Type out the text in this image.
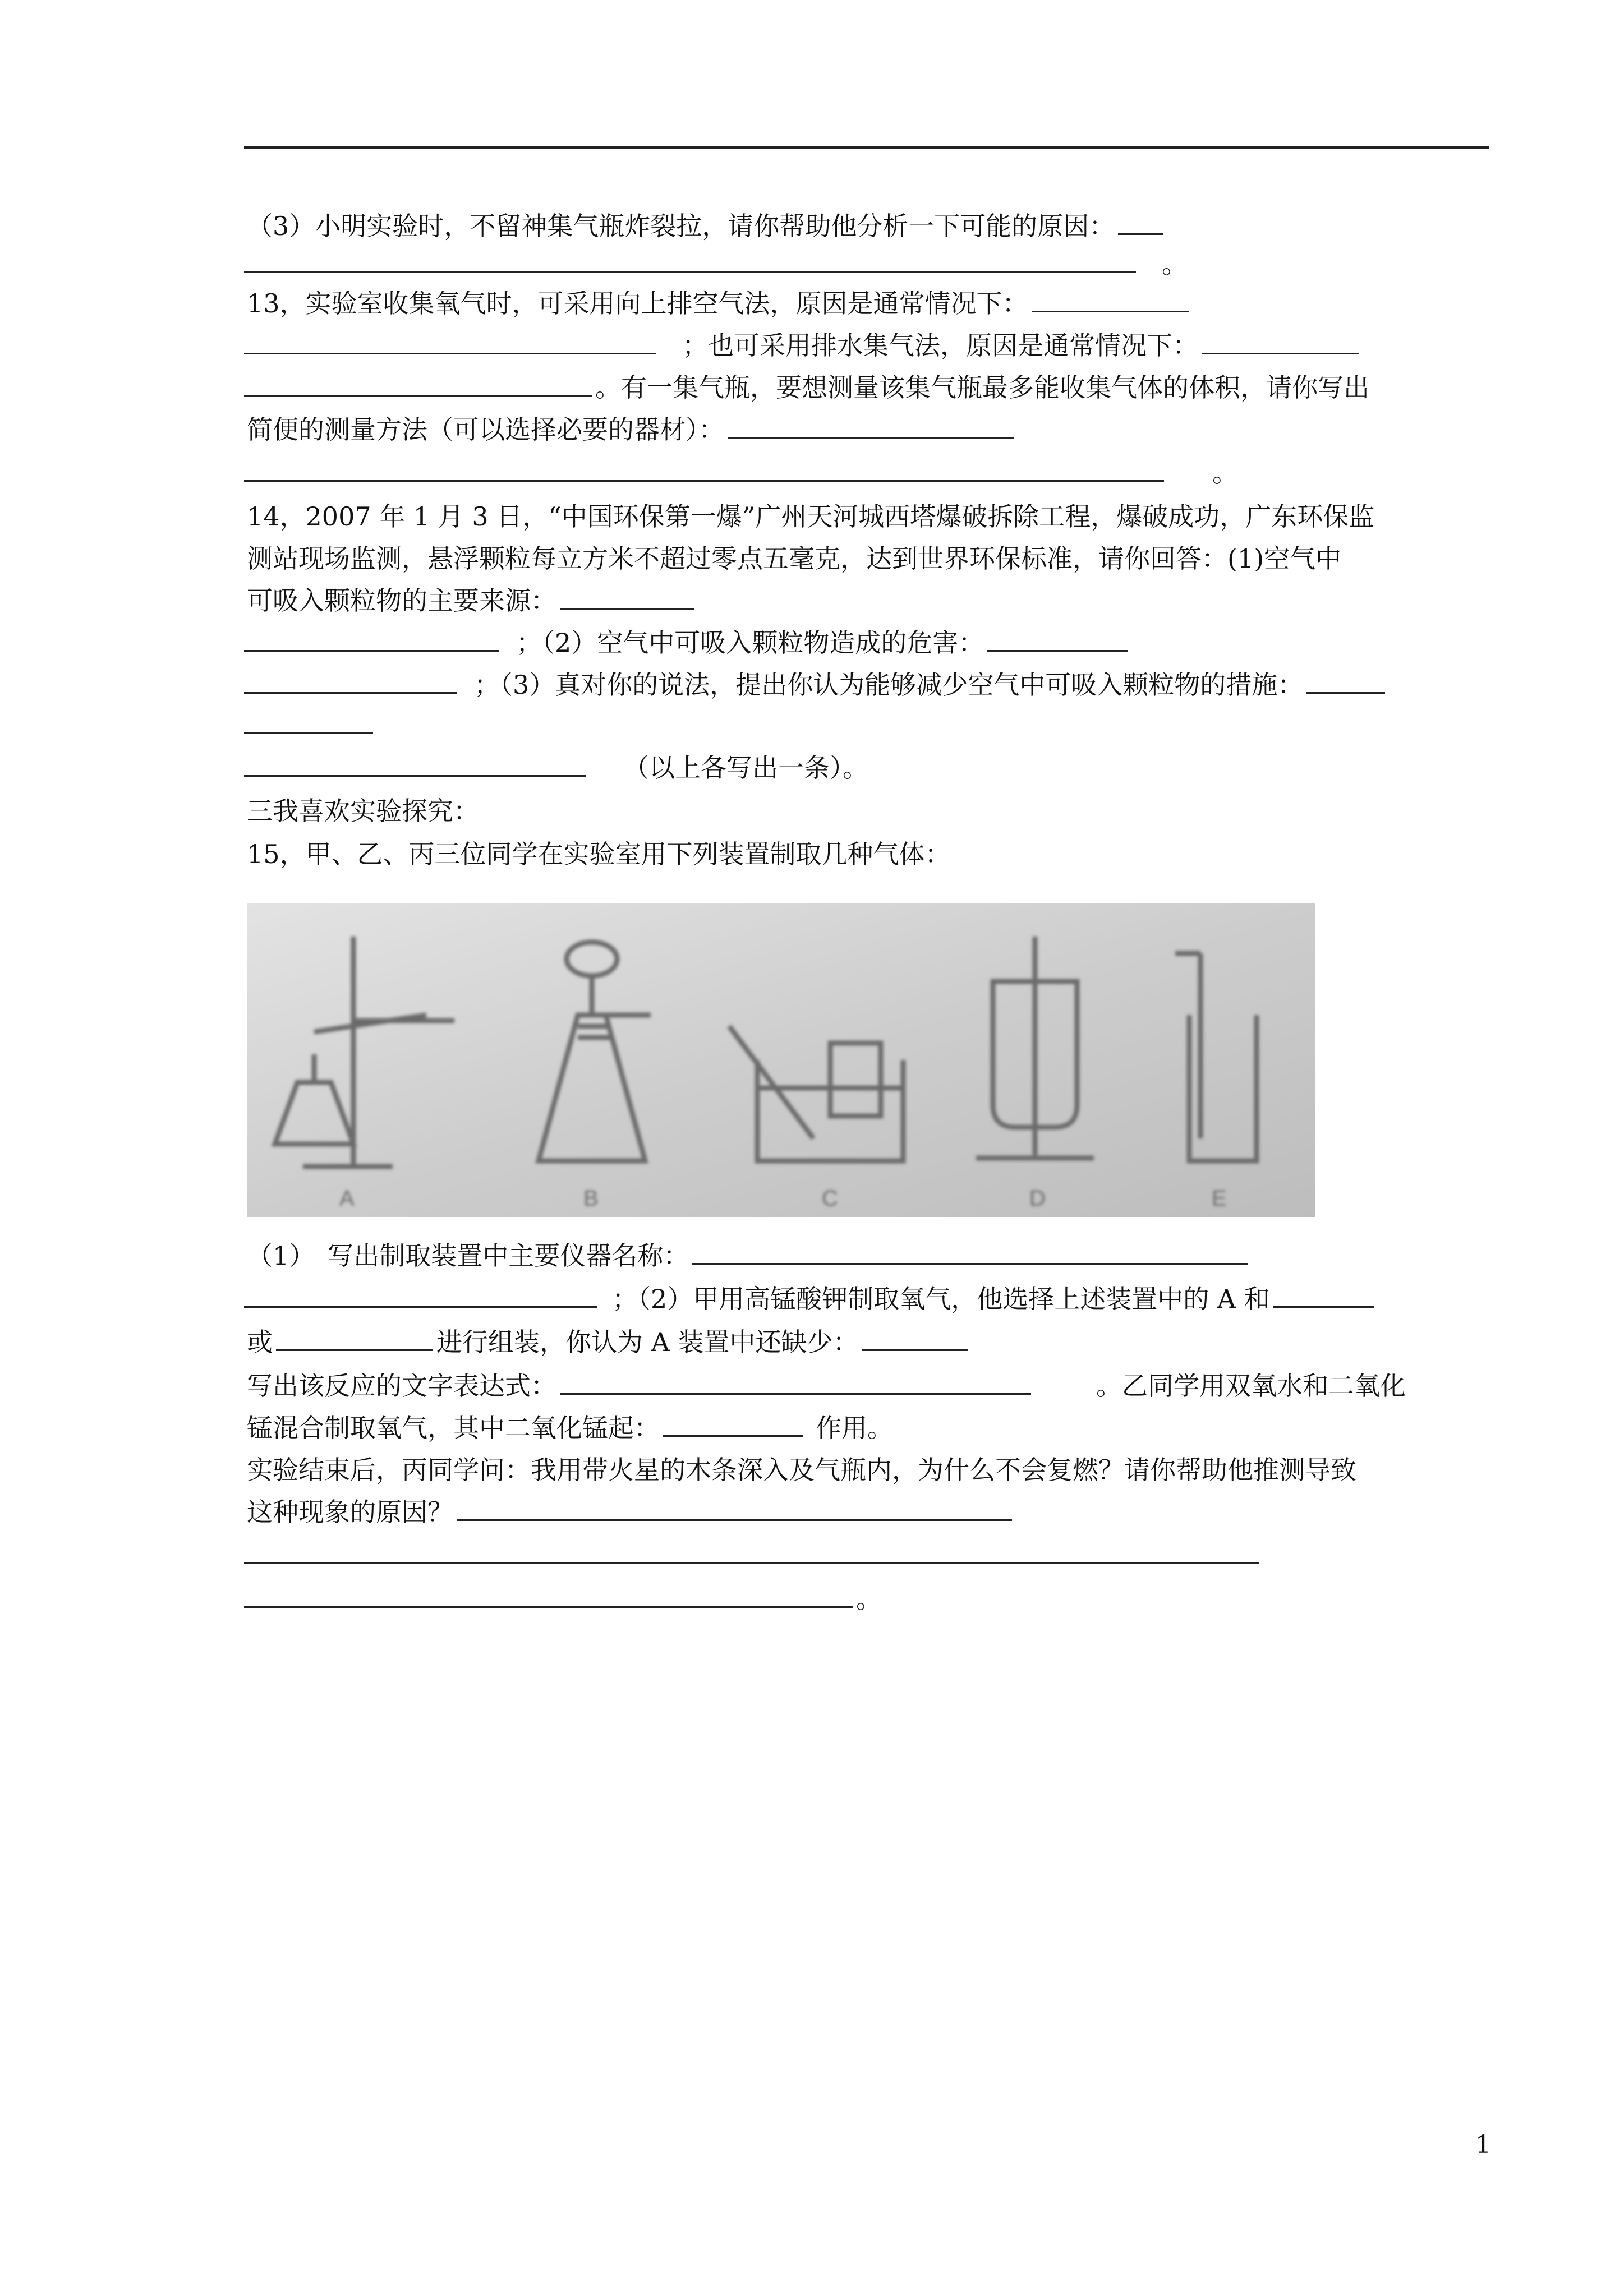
（3）小明实验时，不留神集气瓶炸裂拉，请你帮助他分析一下可能的原因：
。
13，实验室收集氧气时，可采用向上排空气法，原因是通常情况下：
；也可采用排水集气法，原因是通常情况下：
。有一集气瓶，要想测量该集气瓶最多能收集气体的体积，请你写出
简便的测量方法（可以选择必要的器材）：
。
14，2007 年 1 月 3 日，“中国环保第一爆”广州天河城西塔爆破拆除工程，爆破成功，广东环保监
测站现场监测，悬浮颗粒每立方米不超过零点五毫克，达到世界环保标准，请你回答：(1)空气中
可吸入颗粒物的主要来源：
；（2）空气中可吸入颗粒物造成的危害：
；（3）真对你的说法，提出你认为能够减少空气中可吸入颗粒物的措施：
（以上各写出一条）。
三我喜欢实验探究：
15，甲、乙、丙三位同学在实验室用下列装置制取几种气体：
A	B	C	D	E
（1）　写出制取装置中主要仪器名称：
；（2）甲用高锰酸钾制取氧气，他选择上述装置中的 A 和
或	进行组装，你认为 A 装置中还缺少：
写出该反应的文字表达式：	。乙同学用双氧水和二氧化
锰混合制取氧气，其中二氧化锰起：	作用。
实验结束后，丙同学问：我用带火星的木条深入及气瓶内，为什么不会复燃？请你帮助他推测导致
这种现象的原因？
。
1
